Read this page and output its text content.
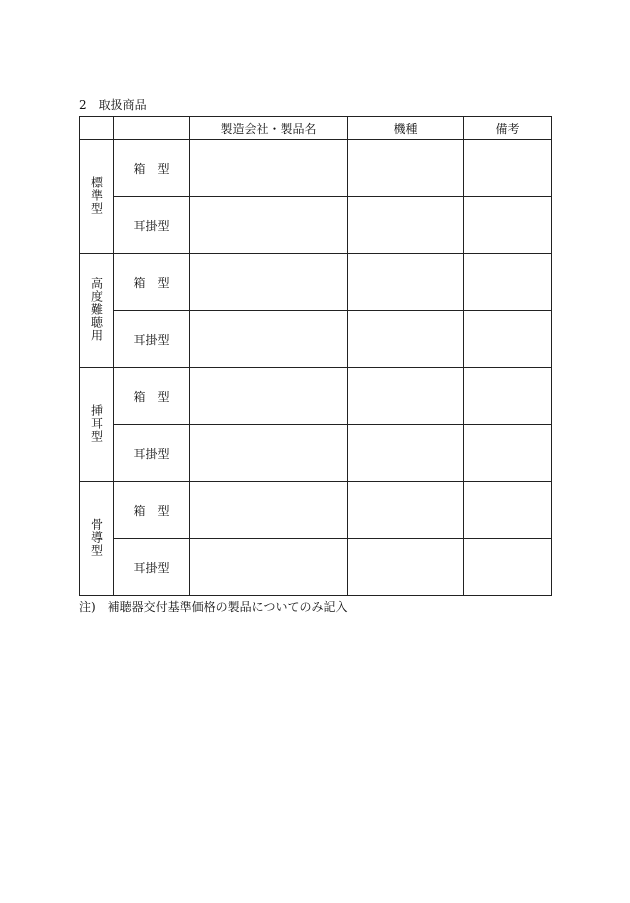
2　取扱商品
		製造会社・製品名	機種	備考
標準型	箱　型			
	耳掛型			
高度難聴用	箱　型			
	耳掛型			
挿耳型	箱　型			
	耳掛型			
骨導型	箱　型			
	耳掛型			
注)　補聴器交付基準価格の製品についてのみ記入
